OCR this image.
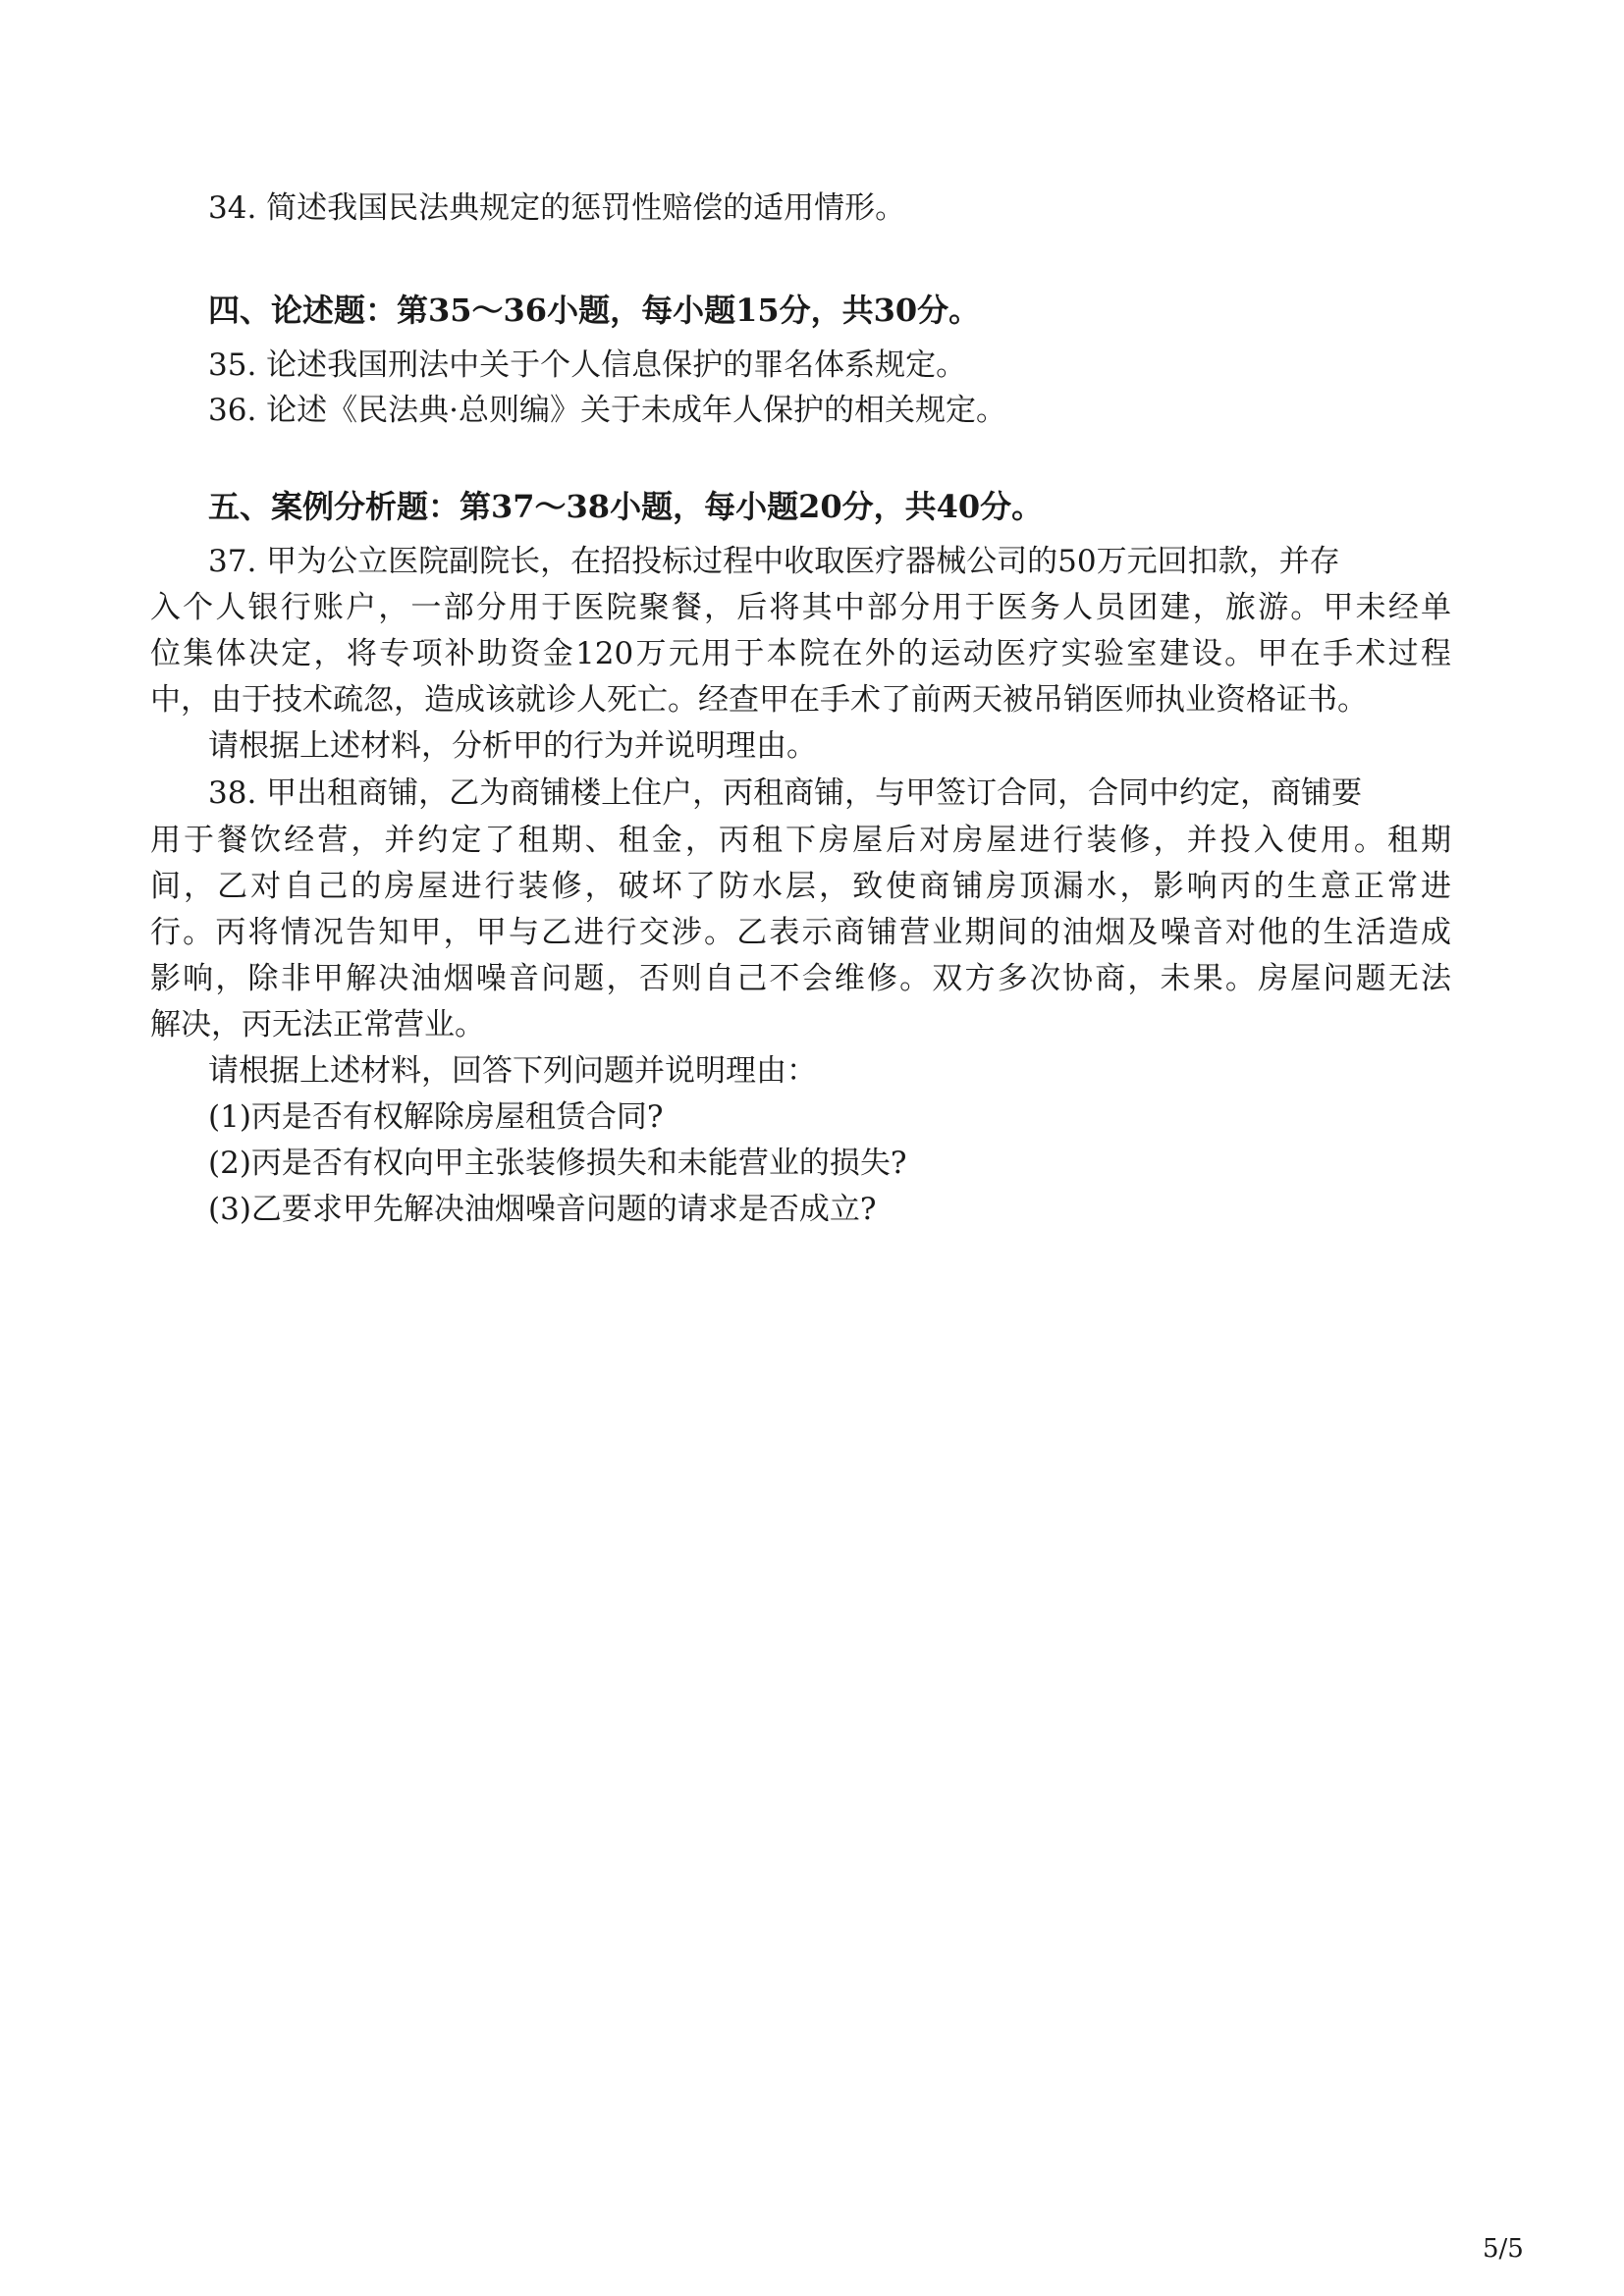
34. 简述我国民法典规定的惩罚性赔偿的适用情形。
四、论述题：第35～36小题，每小题15分，共30分。
35. 论述我国刑法中关于个人信息保护的罪名体系规定。
36. 论述《民法典·总则编》关于未成年人保护的相关规定。
五、案例分析题：第37～38小题，每小题20分，共40分。
37. 甲为公立医院副院长，在招投标过程中收取医疗器械公司的50万元回扣款，并存
入个人银行账户，一部分用于医院聚餐，后将其中部分用于医务人员团建，旅游。甲未经单
位集体决定，将专项补助资金120万元用于本院在外的运动医疗实验室建设。甲在手术过程
中，由于技术疏忽，造成该就诊人死亡。经查甲在手术了前两天被吊销医师执业资格证书。
请根据上述材料，分析甲的行为并说明理由。
38. 甲出租商铺，乙为商铺楼上住户，丙租商铺，与甲签订合同，合同中约定，商铺要
用于餐饮经营，并约定了租期、租金，丙租下房屋后对房屋进行装修，并投入使用。租期
间，乙对自己的房屋进行装修，破坏了防水层，致使商铺房顶漏水，影响丙的生意正常进
行。丙将情况告知甲，甲与乙进行交涉。乙表示商铺营业期间的油烟及噪音对他的生活造成
影响，除非甲解决油烟噪音问题，否则自己不会维修。双方多次协商，未果。房屋问题无法
解决，丙无法正常营业。
请根据上述材料，回答下列问题并说明理由：
(1)丙是否有权解除房屋租赁合同?
(2)丙是否有权向甲主张装修损失和未能营业的损失?
(3)乙要求甲先解决油烟噪音问题的请求是否成立?
5/5
